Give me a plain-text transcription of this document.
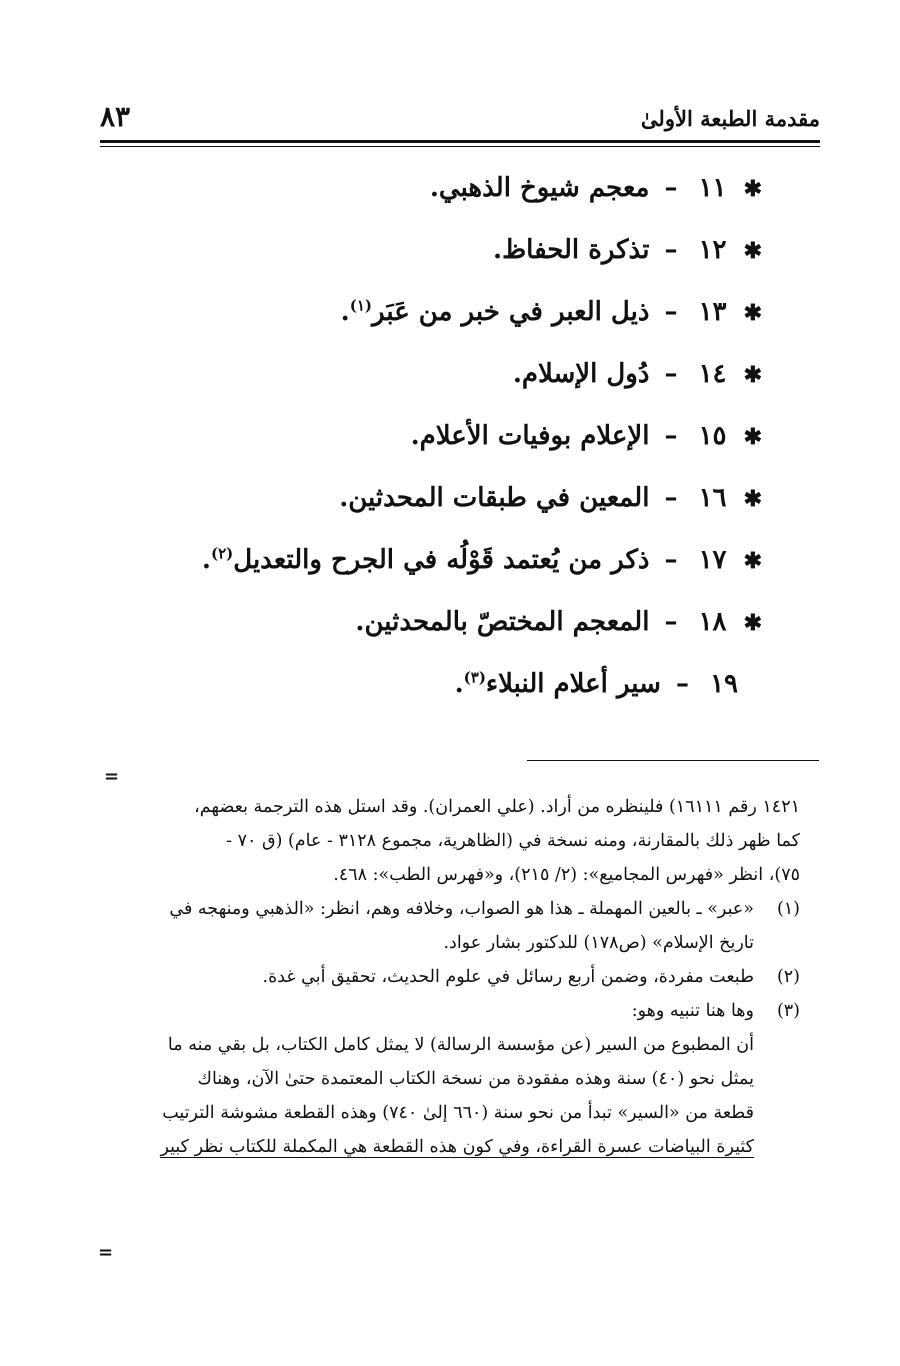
مقدمة الطبعة الأولىٰ
٨٣
✱ ١١ – معجم شيوخ الذهبي.
✱ ١٢ – تذكرة الحفاظ.
✱ ١٣ – ذيل العبر في خبر من عَبَر$^{(١)}$.
✱ ١٤ – دُول الإسلام.
✱ ١٥ – الإعلام بوفيات الأعلام.
✱ ١٦ – المعين في طبقات المحدثين.
✱ ١٧ – ذكر من يُعتمد قَوْلُه في الجرح والتعديل$^{(٢)}$.
✱ ١٨ – المعجم المختصّ بالمحدثين.
١٩ – سير أعلام النبلاء$^{(٣)}$.
=
١٤٢١ رقم ١٦١١١) فلينظره من أراد. (علي العمران). وقد استل هذه الترجمة بعضهم،
كما ظهر ذلك بالمقارنة، ومنه نسخة في (الظاهرية، مجموع ٣١٢٨ - عام) (ق ٧٠ -
٧٥)، انظر «فهرس المجاميع»: (٢/ ٢١٥)، و«فهرس الطب»: ٤٦٨.
(١)
«عبر» ـ بالعين المهملة ـ هذا هو الصواب، وخلافه وهم، انظر: «الذهبي ومنهجه في
تاريخ الإسلام» (ص١٧٨) للدكتور بشار عواد.
(٢)
طبعت مفردة، وضمن أربع رسائل في علوم الحديث، تحقيق أبي غدة.
(٣)
وها هنا تنبيه وهو:
أن المطبوع من السير (عن مؤسسة الرسالة) لا يمثل كامل الكتاب، بل بقي منه ما
يمثل نحو (٤٠) سنة وهذه مفقودة من نسخة الكتاب المعتمدة حتىٰ الآن، وهناك
قطعة من «السير» تبدأ من نحو سنة (٦٦٠ إلىٰ ٧٤٠) وهذه القطعة مشوشة الترتيب
كثيرة البياضات عسرة القراءة، وفي كون هذه القطعة هي المكملة للكتاب نظر كبير
=
